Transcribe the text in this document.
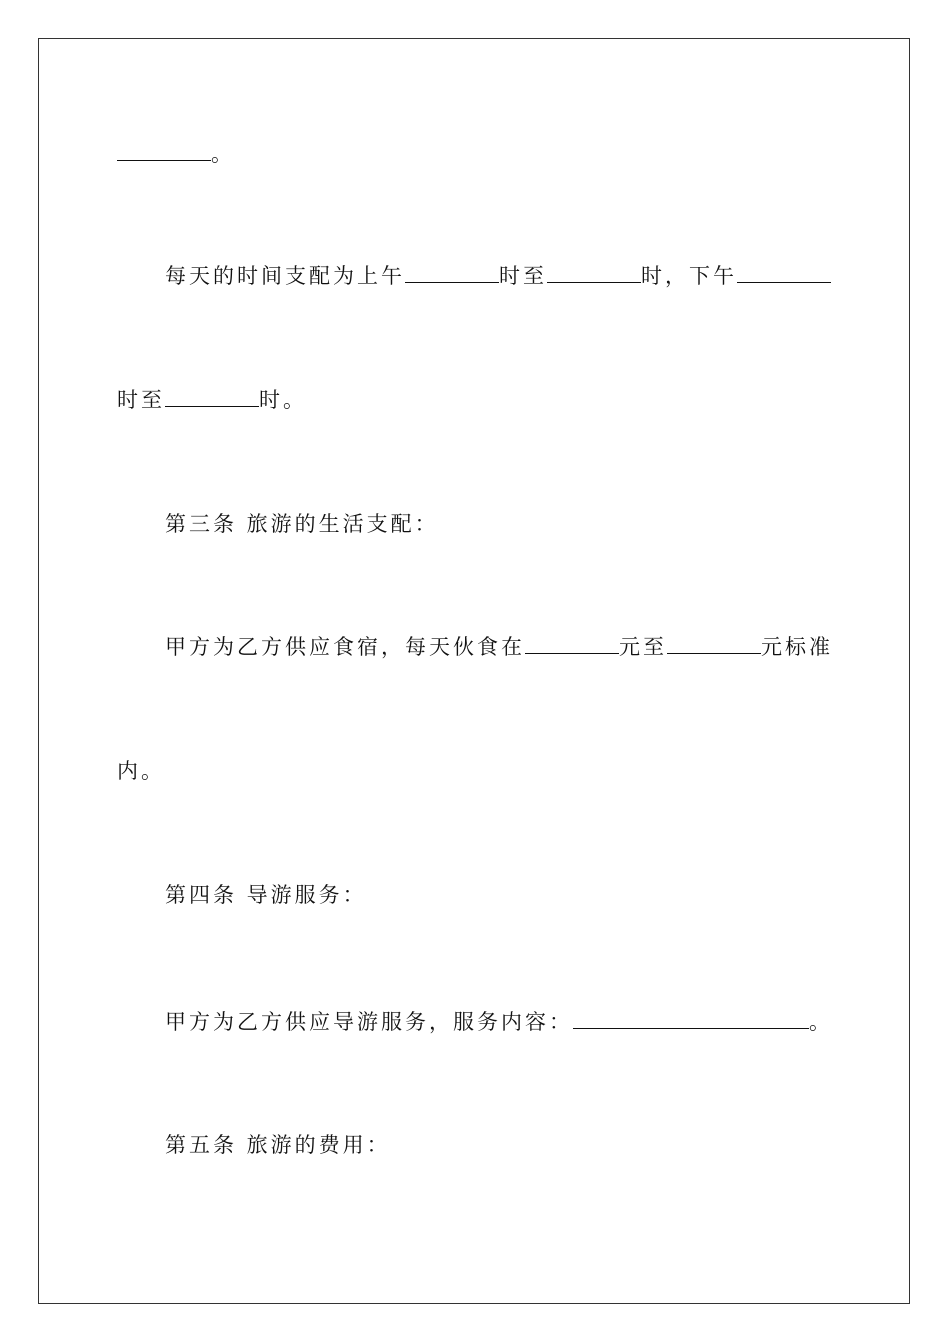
。
每天的时间支配为上午	时至	时，下午
时至	时。
第三条 旅游的生活支配：
甲方为乙方供应食宿，每天伙食在	元至	元标准
内。
第四条 导游服务：
甲方为乙方供应导游服务，服务内容：	。
第五条 旅游的费用：
